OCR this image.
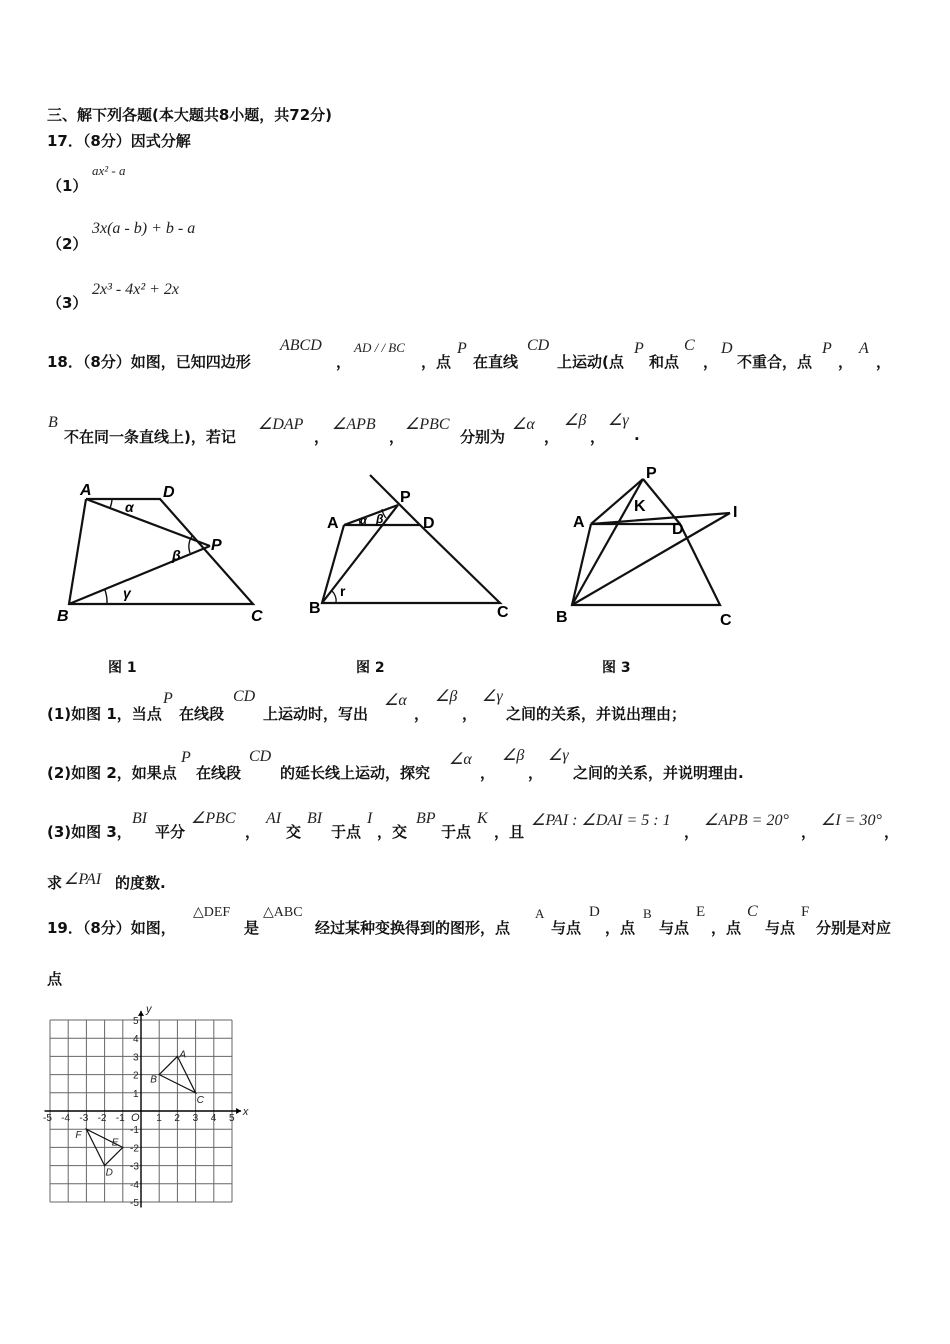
三、解下列各题(本大题共8小题，共72分)
17．（8分）因式分解
（1）
ax² - a
（2）
3x(a - b) + b - a
（3）
2x³ - 4x² + 2x
18．（8分）如图，已知四边形
ABCD
，
AD / / BC
，点
P
在直线
CD
上运动(点
P
和点
C
，
D
不重合，点
P
，
A
，
B
不在同一条直线上)，若记
∠DAP
，
∠APB
，
∠PBC
分别为
∠α
，
∠β
，
∠γ
.
A	D
P
B	C
α
β
γ
图 1
P
A	D
B	C
α β
r
图 2
P
K
A	D
I
B	C
图 3
(1)如图 1，当点
P
在线段
CD
上运动时，写出
∠α
，
∠β
，
∠γ
之间的关系，并说出理由；
(2)如图 2，如果点
P
在线段
CD
的延长线上运动，探究
∠α
，
∠β
，
∠γ
之间的关系，并说明理由.
(3)如图 3，
BI
平分
∠PBC
，
AI
交
BI
于点
I
，交
BP
于点
K
，且
∠PAI : ∠DAI = 5 : 1
，
∠APB = 20°
，
∠I = 30°
，
求 ∠PAI 的度数.
19．（8分）如图，
△DEF
是
△ABC
经过某种变换得到的图形，点
A
与点
D
，点
B
与点
E
，点
C
与点
F
分别是对应
点
x
y
O
-5 -4 -3 -2 -1	1 2 3 4 5
5
4
3
2
1
-1
-2
-3
-4
-5
A
B
C
D
E
F
